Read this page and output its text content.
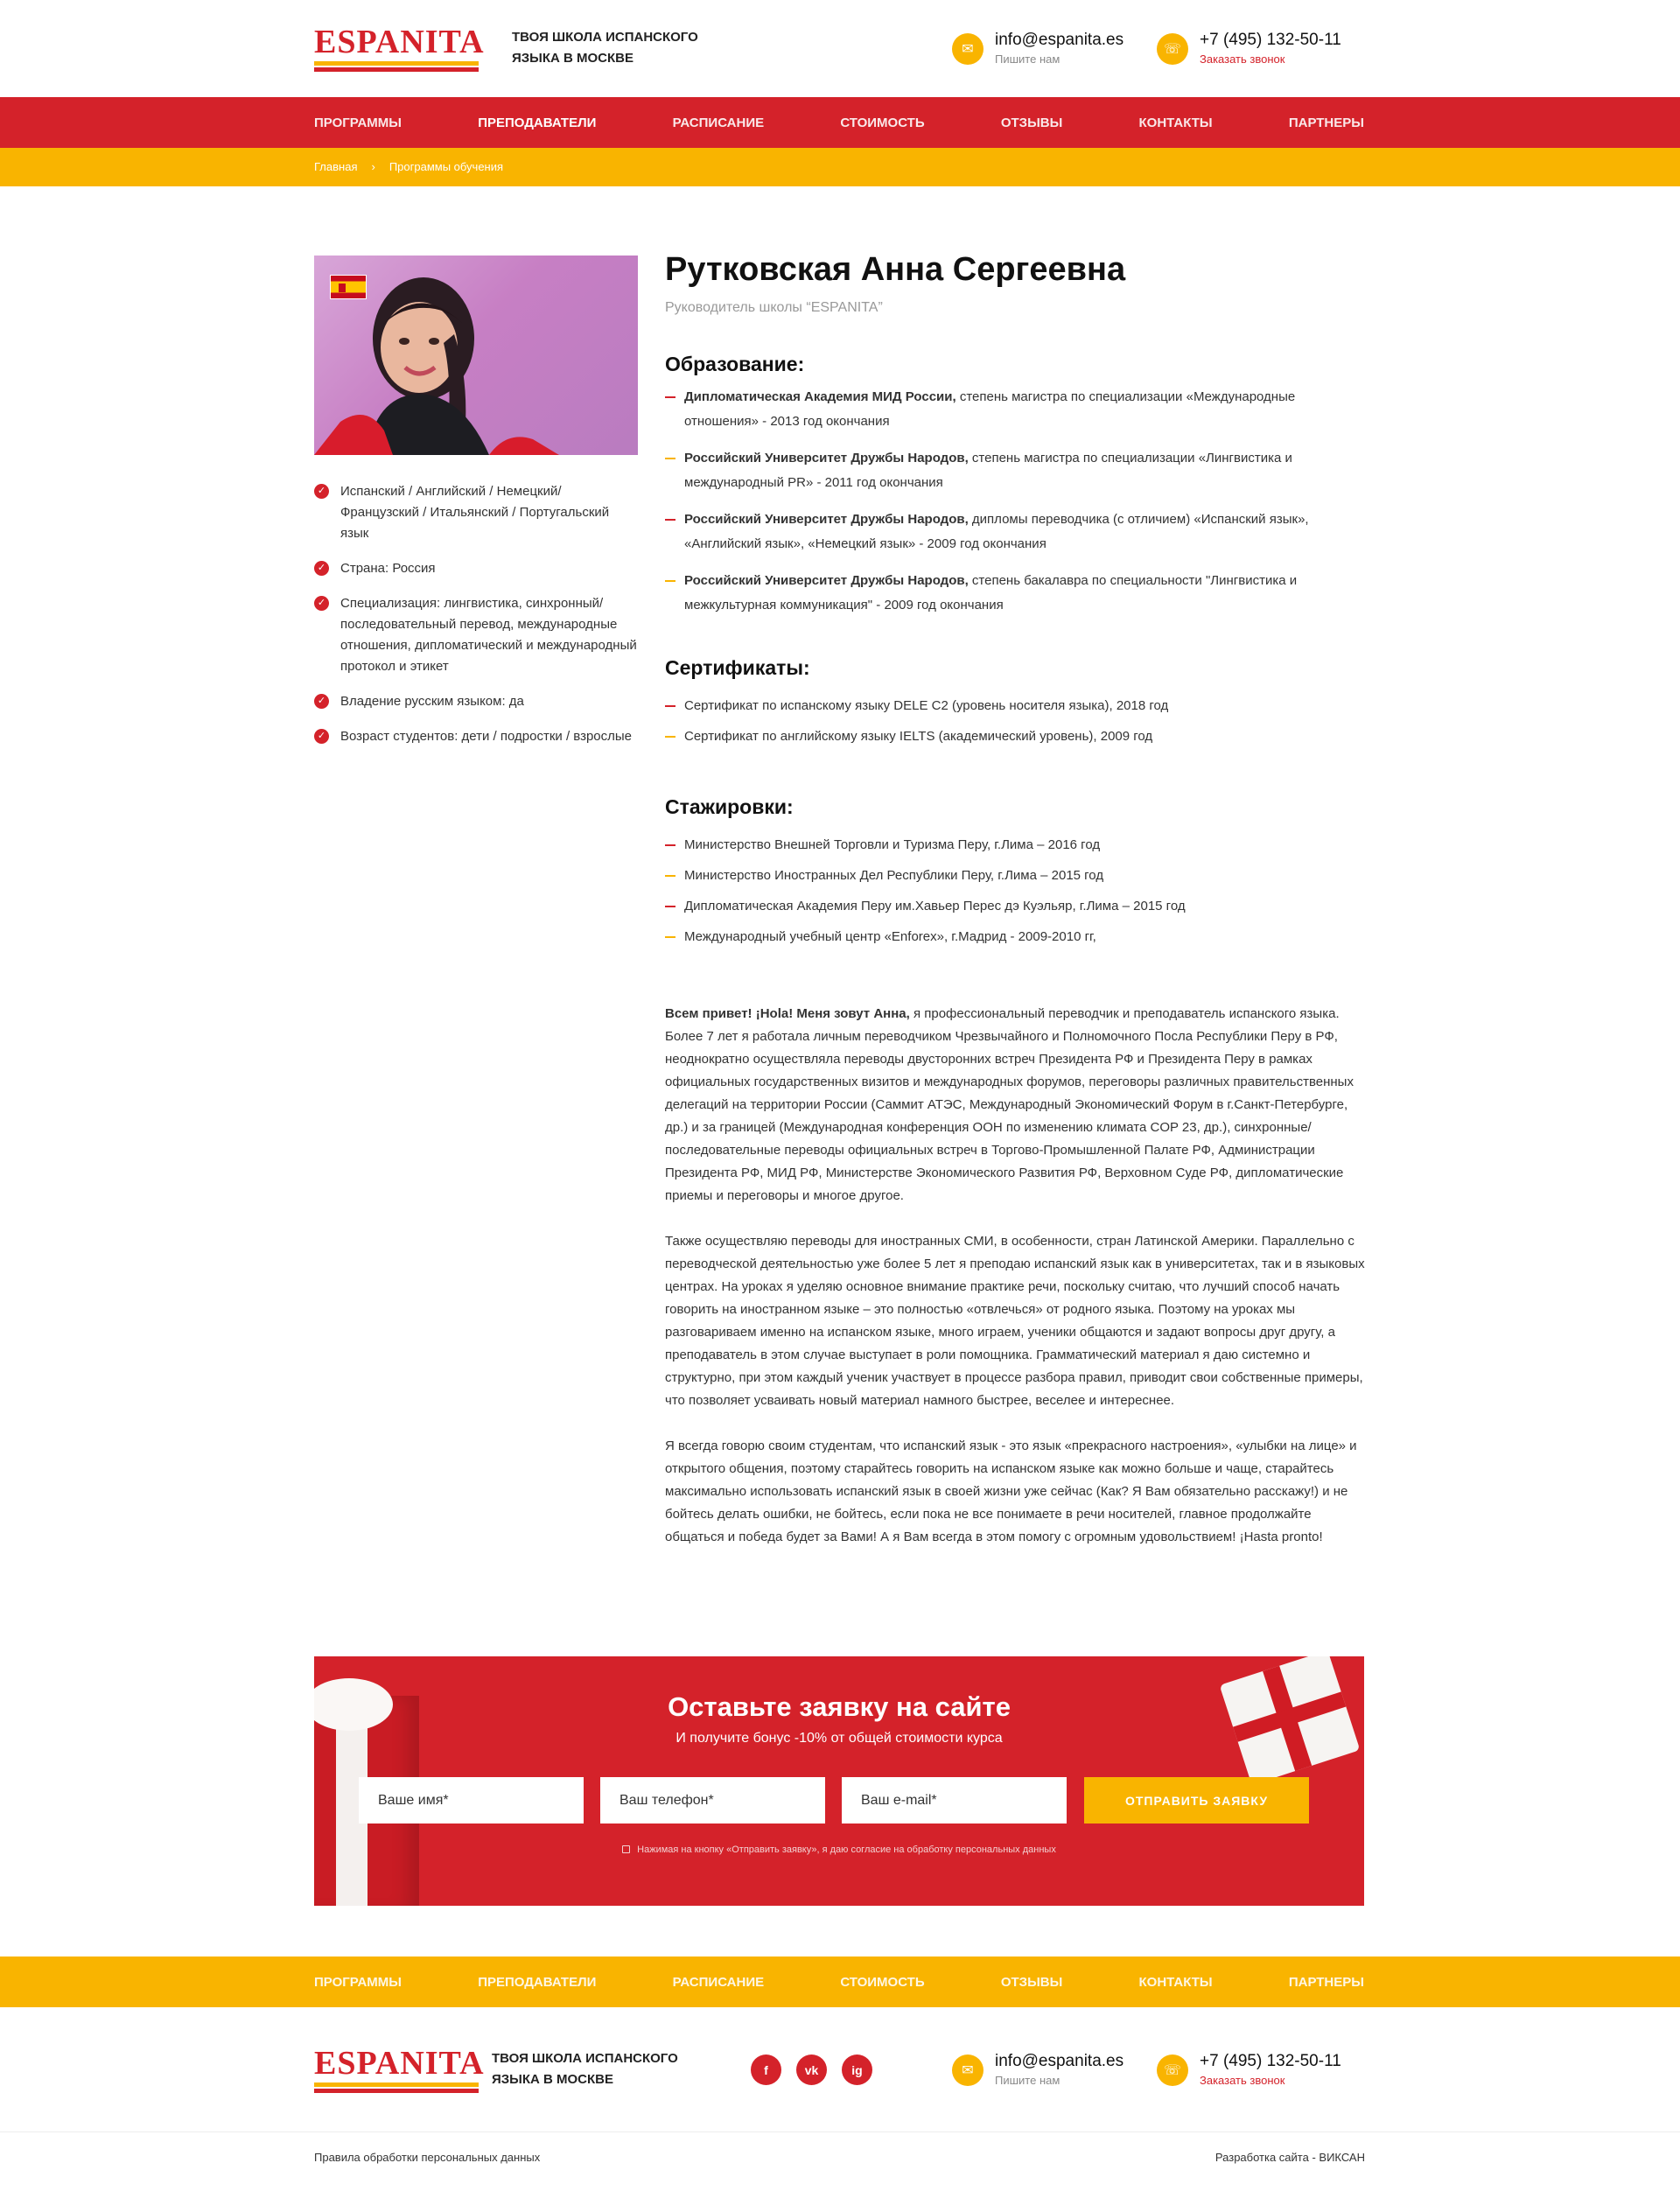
ESPANITA ТВОЯ ШКОЛА ИСПАНСКОГО
ЯЗЫКА В МОСКВЕ
✉
info@espanita.es
Пишите нам
☏
+7 (495) 132-50-11
Заказать звонок
ПРОГРАММЫ	ПРЕПОДАВАТЕЛИ	РАСПИСАНИЕ	СТОИМОСТЬ	ОТЗЫВЫ	КОНТАКТЫ	ПАРТНЕРЫ
Главная › Программы обучения
✓ Испанский / Английский / Немецкий/ Французский / Итальянский / Португальский язык
✓ Страна: Россия
✓ Специализация: лингвистика, синхронный/последовательный перевод, международные отношения, дипломатический и международный протокол и этикет
✓ Владение русским языком: да
✓ Возраст студентов: дети / подростки / взрослые
Рутковская Анна Сергеевна
Руководитель школы “ESPANITA”
Образование:
Дипломатическая Академия МИД России, степень магистра по специализации «Международные отношения» - 2013 год окончания
Российский Университет Дружбы Народов, степень магистра по специализации «Лингвистика и международный PR» - 2011 год окончания
Российский Университет Дружбы Народов, дипломы переводчика (с отличием) «Испанский язык», «Английский язык», «Немецкий язык» - 2009 год окончания
Российский Университет Дружбы Народов, степень бакалавра по специальности "Лингвистика и межкультурная коммуникация" - 2009 год окончания
Сертификаты:
Сертификат по испанскому языку DELE C2 (уровень носителя языка), 2018 год
Сертификат по английскому языку IELTS (академический уровень), 2009 год
Стажировки:
Министерство Внешней Торговли и Туризма Перу, г.Лима – 2016 год
Министерство Иностранных Дел Республики Перу, г.Лима – 2015 год
Дипломатическая Академия Перу им.Хавьер Перес дэ Куэльяр, г.Лима – 2015 год
Международный учебный центр «Enforex», г.Мадрид - 2009-2010 гг,

Всем привет! ¡Hola! Меня зовут Анна, я профессиональный переводчик и преподаватель испанского языка. Более 7 лет я работала личным переводчиком Чрезвычайного и Полномочного Посла Республики Перу в РФ, неоднократно осуществляла переводы двусторонних встреч Президента РФ и Президента Перу в рамках официальных государственных визитов и международных форумов, переговоры различных правительственных делегаций на территории России (Саммит АТЭС, Международный Экономический Форум в г.Санкт-Петербурге, др.) и за границей (Международная конференция ООН по изменению климата COP 23, др.), синхронные/последовательные переводы официальных встреч в Торгово-Промышленной Палате РФ, Администрации Президента РФ, МИД РФ, Министерстве Экономического Развития РФ, Верховном Суде РФ, дипломатические приемы и переговоры и многое другое.

Также осуществляю переводы для иностранных СМИ, в особенности, стран Латинской Америки. Параллельно с переводческой деятельностью уже более 5 лет я преподаю испанский язык как в университетах, так и в языковых центрах. На уроках я уделяю основное внимание практике речи, поскольку считаю, что лучший способ начать говорить на иностранном языке – это полностью «отвлечься» от родного языка. Поэтому на уроках мы разговариваем именно на испанском языке, много играем, ученики общаются и задают вопросы друг другу, а преподаватель в этом случае выступает в роли помощника. Грамматический материал я даю системно и структурно, при этом каждый ученик участвует в процессе разбора правил, приводит свои собственные примеры, что позволяет усваивать новый материал намного быстрее, веселее и интереснее.

Я всегда говорю своим студентам, что испанский язык - это язык «прекрасного настроения», «улыбки на лице» и открытого общения, поэтому старайтесь говорить на испанском языке как можно больше и чаще, старайтесь максимально использовать испанский язык в своей жизни уже сейчас (Как? Я Вам обязательно расскажу!) и не бойтесь делать ошибки, не бойтесь, если пока не все понимаете в речи носителей, главное продолжайте общаться и победа будет за Вами! А я Вам всегда в этом помогу с огромным удовольствием! ¡Hasta pronto!

Оставьте заявку на сайте
И получите бонус -10% от общей стоимости курса
Ваше имя*
Ваш телефон*
Ваш e-mail*
ОТПРАВИТЬ ЗАЯВКУ
Нажимая на кнопку «Отправить заявку», я даю согласие на обработку персональных данных
ПРОГРАММЫ	ПРЕПОДАВАТЕЛИ	РАСПИСАНИЕ	СТОИМОСТЬ	ОТЗЫВЫ	КОНТАКТЫ	ПАРТНЕРЫ
ESPANITA ТВОЯ ШКОЛА ИСПАНСКОГО
ЯЗЫКА В МОСКВЕ
f	vk	ig	✉
info@espanita.es
Пишите нам
☏
+7 (495) 132-50-11
Заказать звонок
Правила обработки персональных данных	Разработка сайта - ВИКСАН
